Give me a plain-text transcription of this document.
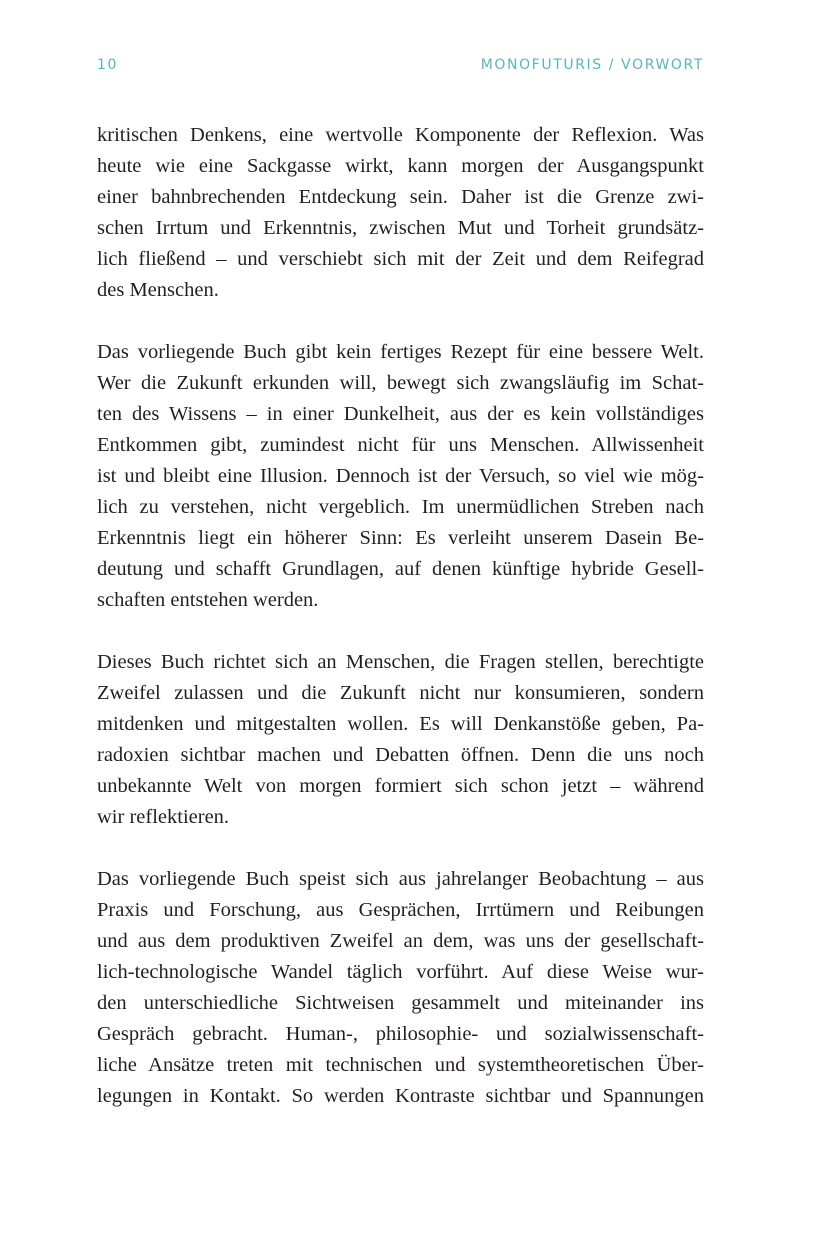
10	MONOFUTURIS / VORWORT
kritischen Denkens, eine wertvolle Komponente der Reflexion. Was
heute wie eine Sackgasse wirkt, kann morgen der Ausgangspunkt
einer bahnbrechenden Entdeckung sein. Daher ist die Grenze zwi-
schen Irrtum und Erkenntnis, zwischen Mut und Torheit grundsätz-
lich fließend – und verschiebt sich mit der Zeit und dem Reifegrad
des Menschen.
Das vorliegende Buch gibt kein fertiges Rezept für eine bessere Welt.
Wer die Zukunft erkunden will, bewegt sich zwangsläufig im Schat-
ten des Wissens – in einer Dunkelheit, aus der es kein vollständiges
Entkommen gibt, zumindest nicht für uns Menschen. Allwissenheit
ist und bleibt eine Illusion. Dennoch ist der Versuch, so viel wie mög-
lich zu verstehen, nicht vergeblich. Im unermüdlichen Streben nach
Erkenntnis liegt ein höherer Sinn: Es verleiht unserem Dasein Be-
deutung und schafft Grundlagen, auf denen künftige hybride Gesell-
schaften entstehen werden.
Dieses Buch richtet sich an Menschen, die Fragen stellen, berechtigte
Zweifel zulassen und die Zukunft nicht nur konsumieren, sondern
mitdenken und mitgestalten wollen. Es will Denkanstöße geben, Pa-
radoxien sichtbar machen und Debatten öffnen. Denn die uns noch
unbekannte Welt von morgen formiert sich schon jetzt – während
wir reflektieren.
Das vorliegende Buch speist sich aus jahrelanger Beobachtung – aus
Praxis und Forschung, aus Gesprächen, Irrtümern und Reibungen
und aus dem produktiven Zweifel an dem, was uns der gesellschaft-
lich-technologische Wandel täglich vorführt. Auf diese Weise wur-
den unterschiedliche Sichtweisen gesammelt und miteinander ins
Gespräch gebracht. Human-, philosophie- und sozialwissenschaft-
liche Ansätze treten mit technischen und systemtheoretischen Über-
legungen in Kontakt. So werden Kontraste sichtbar und Spannungen
